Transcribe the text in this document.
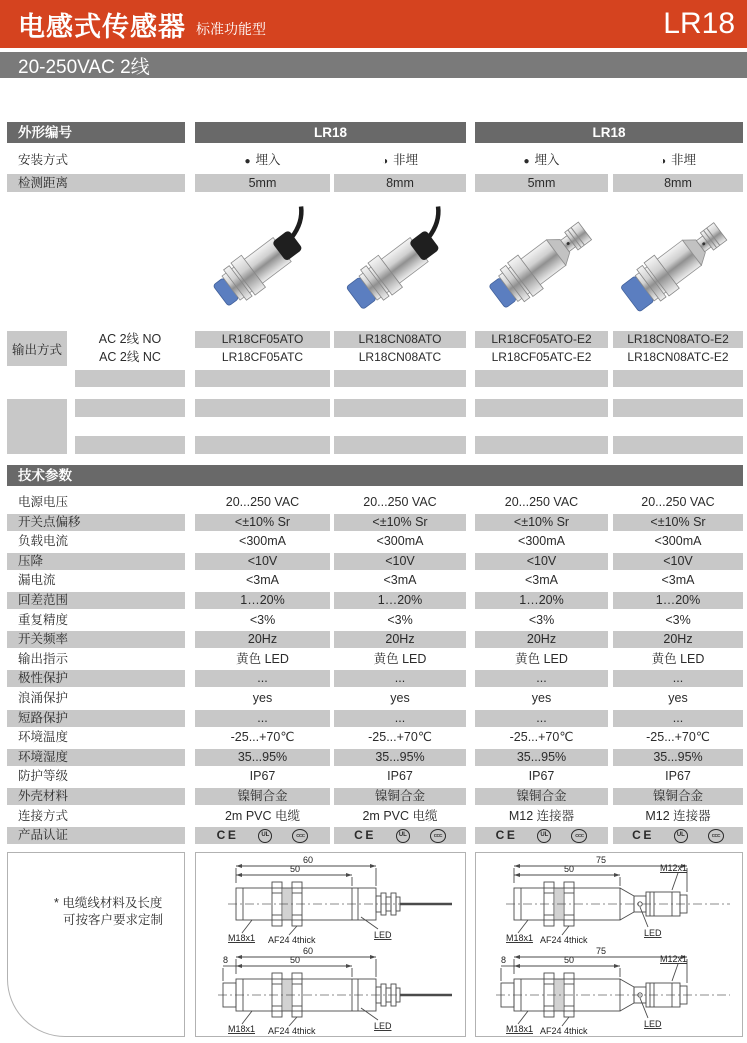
电感式传感器 标准功能型	LR18
20-250VAC 2线
外形编号	LR18	LR18
安装方式	● 埋入	◑ 非埋	● 埋入	◑ 非埋
检测距离	5mm	8mm	5mm	8mm
输出方式
AC 2线 NO	LR18CF05ATO	LR18CN08ATO	LR18CF05ATO-E2	LR18CN08ATO-E2
AC 2线 NC	LR18CF05ATC	LR18CN08ATC	LR18CF05ATC-E2	LR18CN08ATC-E2
技术参数
电源电压	20...250 VAC	20...250 VAC	20...250 VAC	20...250 VAC
开关点偏移	<±10% Sr	<±10% Sr	<±10% Sr	<±10% Sr
负载电流	<300mA	<300mA	<300mA	<300mA
压降	<10V	<10V	<10V	<10V
漏电流	<3mA	<3mA	<3mA	<3mA
回差范围	1…20%	1…20%	1…20%	1…20%
重复精度	<3%	<3%	<3%	<3%
开关频率	20Hz	20Hz	20Hz	20Hz
输出指示	黄色 LED	黄色 LED	黄色 LED	黄色 LED
极性保护	...	...	...	...
浪涌保护	yes	yes	yes	yes
短路保护	...	...	...	...
环境温度	-25...+70℃	-25...+70℃	-25...+70℃	-25...+70℃
环境湿度	35...95%	35...95%	35...95%	35...95%
防护等级	IP67	IP67	IP67	IP67
外壳材料	镍铜合金	镍铜合金	镍铜合金	镍铜合金
连接方式	2m PVC 电缆	2m PVC 电缆	M12 连接器	M12 连接器
产品认证	CE	UL	CCC	CE	UL	CCC	CE	UL	CCC	CE	UL	CCC
* 电缆线材料及长度
可按客户要求定制
60
50
M18x1 AF24 4thick	LED
60
8	50
M18x1 AF24 4thick	LED
75
50	M12x1
M18x1 AF24 4thick
LED
75
8	50	M12x1
M18x1 AF24 4thick
LED
